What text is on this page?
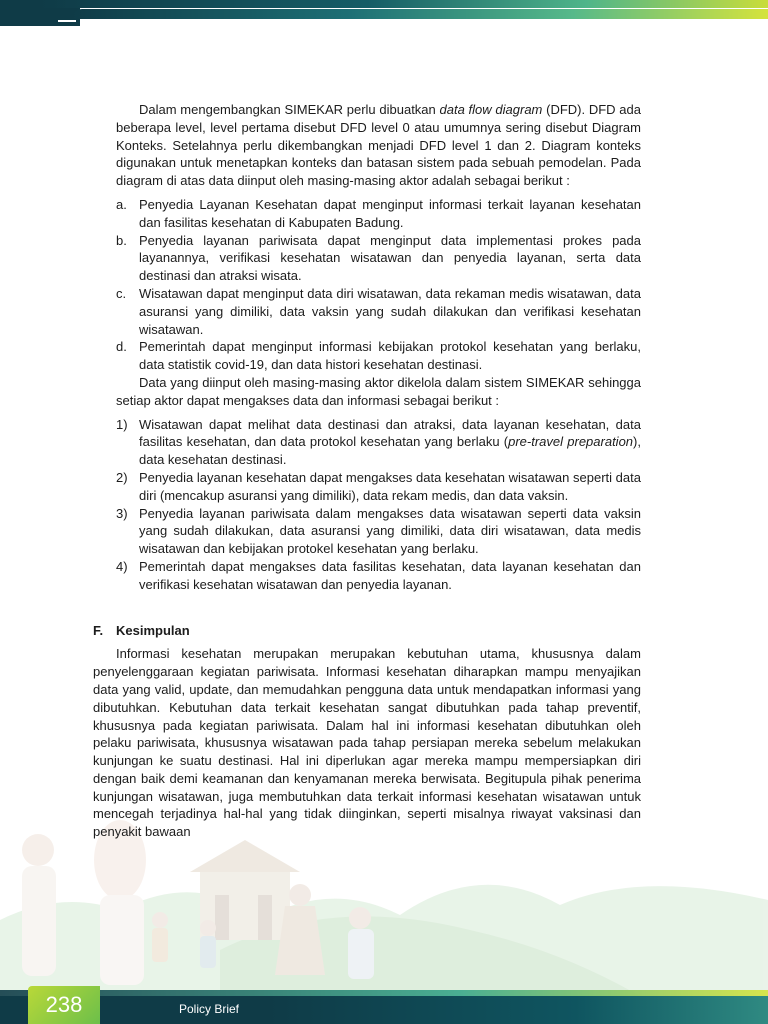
Dalam mengembangkan SIMEKAR perlu dibuatkan data flow diagram (DFD). DFD ada beberapa level, level pertama disebut DFD level 0 atau umumnya sering disebut Diagram Konteks. Setelahnya perlu dikembangkan menjadi DFD level 1 dan 2. Diagram konteks digunakan untuk menetapkan konteks dan batasan sistem pada sebuah pemodelan. Pada diagram di atas data diinput oleh masing-masing aktor adalah sebagai berikut :

a. Penyedia Layanan Kesehatan dapat menginput informasi terkait layanan kesehatan dan fasilitas kesehatan di Kabupaten Badung.
b. Penyedia layanan pariwisata dapat menginput data implementasi prokes pada layanannya, verifikasi kesehatan wisatawan dan penyedia layanan, serta data destinasi dan atraksi wisata.
c. Wisatawan dapat menginput data diri wisatawan, data rekaman medis wisatawan, data asuransi yang dimiliki, data vaksin yang sudah dilakukan dan verifikasi kesehatan wisatawan.
d. Pemerintah dapat menginput informasi kebijakan protokol kesehatan yang berlaku, data statistik covid-19, dan data histori kesehatan destinasi.

Data yang diinput oleh masing-masing aktor dikelola dalam sistem SIMEKAR sehingga setiap aktor dapat mengakses data dan informasi sebagai berikut :

1) Wisatawan dapat melihat data destinasi dan atraksi, data layanan kesehatan, data fasilitas kesehatan, dan data protokol kesehatan yang berlaku (pre-travel preparation), data kesehatan destinasi.
2) Penyedia layanan kesehatan dapat mengakses data kesehatan wisatawan seperti data diri (mencakup asuransi yang dimiliki), data rekam medis, dan data vaksin.
3) Penyedia layanan pariwisata dalam mengakses data wisatawan seperti data vaksin yang sudah dilakukan, data asuransi yang dimiliki, data diri wisatawan, data medis wisatawan dan kebijakan protokel kesehatan yang berlaku.
4) Pemerintah dapat mengakses data fasilitas kesehatan, data layanan kesehatan dan verifikasi kesehatan wisatawan dan penyedia layanan.

F. Kesimpulan

Informasi kesehatan merupakan merupakan kebutuhan utama, khususnya dalam penyelenggaraan kegiatan pariwisata. Informasi kesehatan diharapkan mampu menyajikan data yang valid, update, dan memudahkan pengguna data untuk mendapatkan informasi yang dibutuhkan. Kebutuhan data terkait kesehatan sangat dibutuhkan pada tahap preventif, khususnya pada kegiatan pariwisata. Dalam hal ini informasi kesehatan dibutuhkan oleh pelaku pariwisata, khususnya wisatawan pada tahap persiapan mereka sebelum melakukan kunjungan ke suatu destinasi. Hal ini diperlukan agar mereka mampu mempersiapkan diri dengan baik demi keamanan dan kenyamanan mereka berwisata. Begitupula pihak penerima kunjungan wisatawan, juga membutuhkan data terkait informasi kesehatan wisatawan untuk mencegah terjadinya hal-hal yang tidak diinginkan, seperti misalnya riwayat vaksinasi dan penyakit bawaan

238	Policy Brief
